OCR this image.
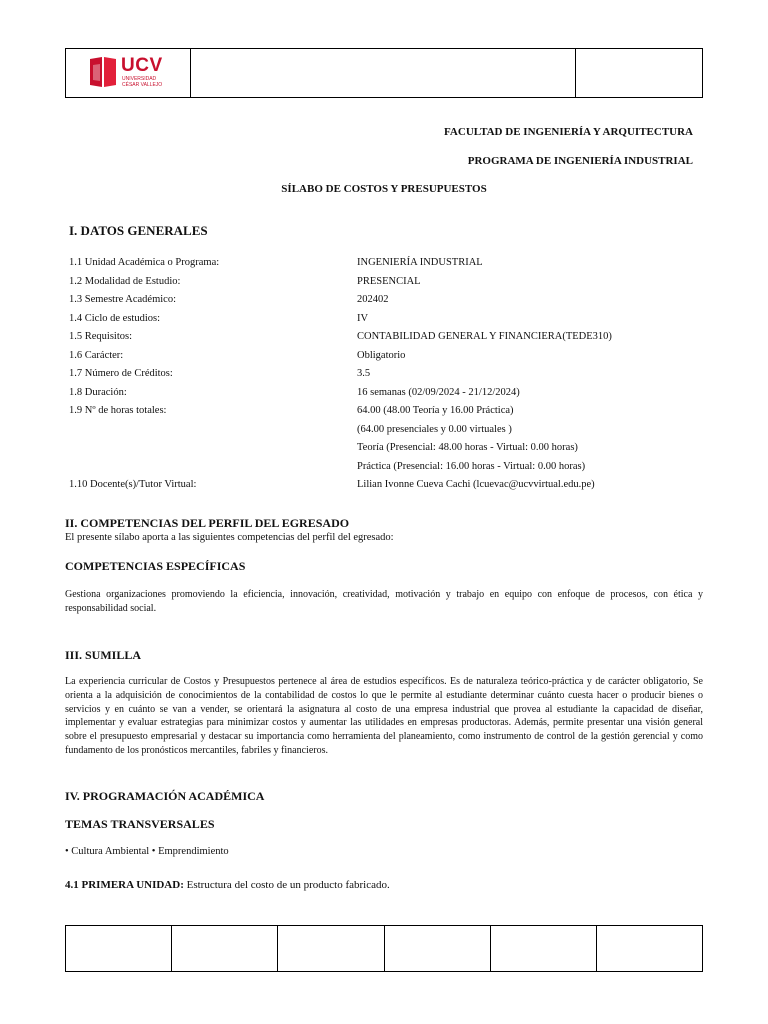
UCV
UNIVERSIDAD CÉSAR VALLEJO
FACULTAD DE INGENIERÍA Y ARQUITECTURA
PROGRAMA DE INGENIERÍA INDUSTRIAL
SÍLABO DE COSTOS Y PRESUPUESTOS
I. DATOS GENERALES
1.1 Unidad Académica o Programa:	INGENIERÍA INDUSTRIAL
1.2 Modalidad de Estudio:	PRESENCIAL
1.3 Semestre Académico:	202402
1.4 Ciclo de estudios:	IV
1.5 Requisitos:	CONTABILIDAD GENERAL Y FINANCIERA(TEDE310)
1.6 Carácter:	Obligatorio
1.7 Número de Créditos:	3.5
1.8 Duración:	16 semanas (02/09/2024 - 21/12/2024)
1.9 Nº de horas totales:	64.00 (48.00 Teoría y 16.00 Práctica)
(64.00 presenciales y 0.00 virtuales )
Teoría (Presencial: 48.00 horas - Virtual: 0.00 horas)
Práctica (Presencial: 16.00 horas - Virtual: 0.00 horas)
1.10 Docente(s)/Tutor Virtual:	Lilian Ivonne Cueva Cachi (lcuevac@ucvvirtual.edu.pe)
II. COMPETENCIAS DEL PERFIL DEL EGRESADO
El presente sílabo aporta a las siguientes competencias del perfil del egresado:
COMPETENCIAS ESPECÍFICAS
Gestiona organizaciones promoviendo la eficiencia, innovación, creatividad, motivación y trabajo en equipo con enfoque de procesos, con ética y responsabilidad social.
III. SUMILLA
La experiencia curricular de Costos y Presupuestos pertenece al área de estudios específicos. Es de naturaleza teórico-práctica y de carácter obligatorio, Se orienta a la adquisición de conocimientos de la contabilidad de costos lo que le permite al estudiante determinar cuánto cuesta hacer o producir bienes o servicios y en cuánto se van a vender, se orientará la asignatura al costo de una empresa industrial que provea al estudiante la capacidad de diseñar, implementar y evaluar estrategias para minimizar costos y aumentar las utilidades en empresas productoras. Además, permite presentar una visión general sobre el presupuesto empresarial y destacar su importancia como herramienta del planeamiento, como instrumento de control de la gestión gerencial y como fundamento de los pronósticos mercantiles, fabriles y financieros.
IV. PROGRAMACIÓN ACADÉMICA
TEMAS TRANSVERSALES
• Cultura Ambiental • Emprendimiento
4.1 PRIMERA UNIDAD: Estructura del costo de un producto fabricado.
